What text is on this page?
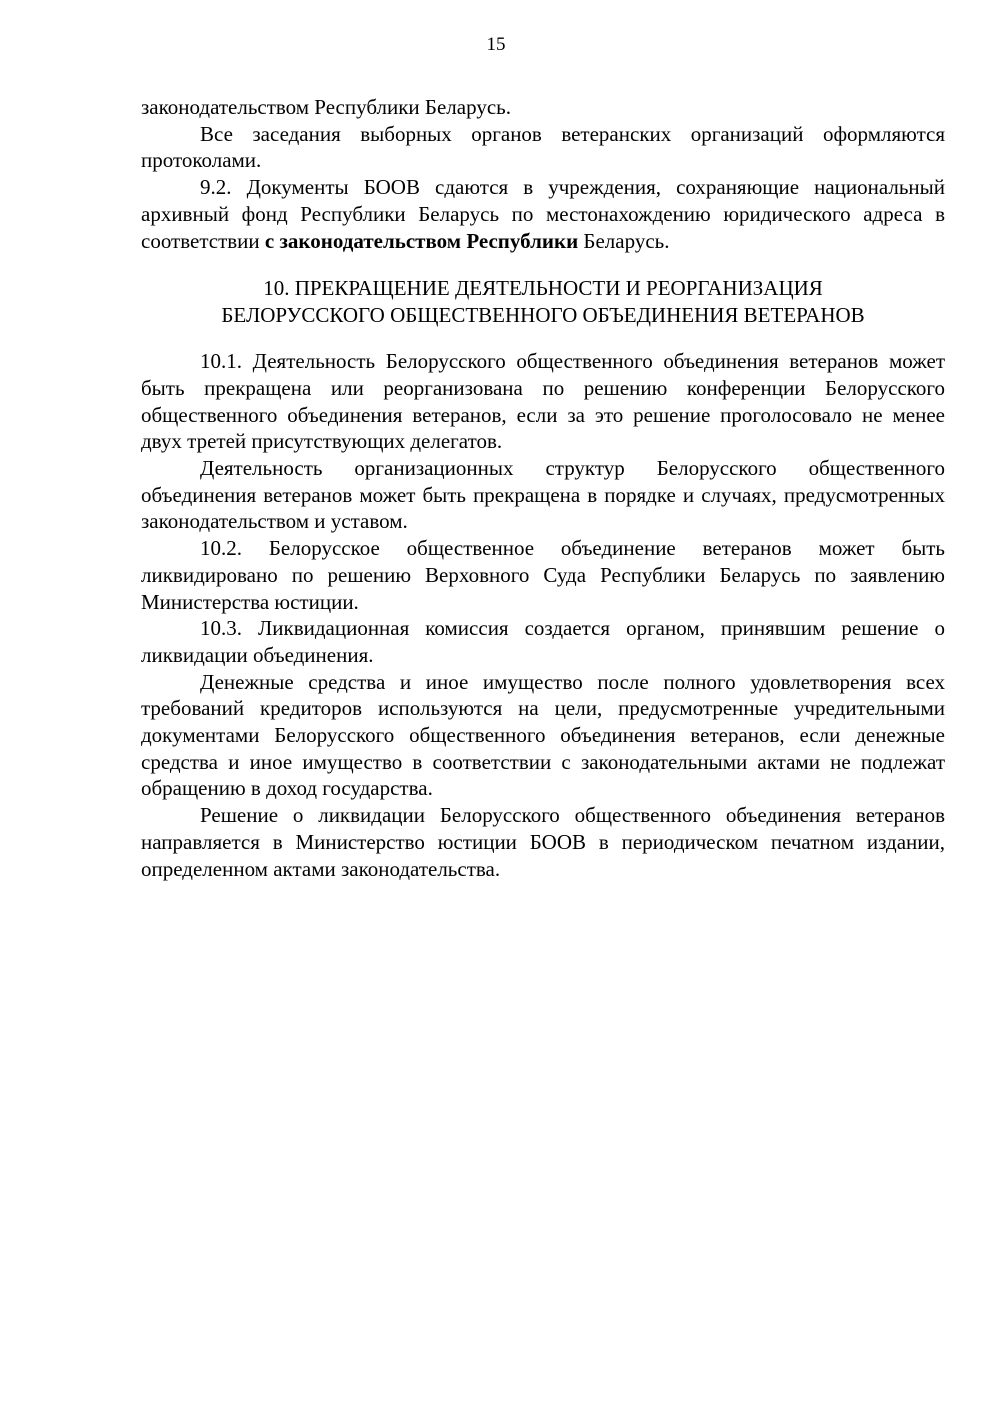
15

законодательством Республики Беларусь.

Все заседания выборных органов ветеранских организаций оформляются протоколами.

9.2. Документы БООВ сдаются в учреждения, сохраняющие национальный архивный фонд Республики Беларусь по местонахождению юридического адреса в соответствии с законодательством Республики Беларусь.

10. ПРЕКРАЩЕНИЕ ДЕЯТЕЛЬНОСТИ И РЕОРГАНИЗАЦИЯ
БЕЛОРУССКОГО ОБЩЕСТВЕННОГО ОБЪЕДИНЕНИЯ ВЕТЕРАНОВ

10.1. Деятельность Белорусского общественного объединения ветеранов может быть прекращена или реорганизована по решению конференции Белорусского общественного объединения ветеранов, если за это решение проголосовало не менее двух третей присутствующих делегатов.

Деятельность организационных структур Белорусского общественного объединения ветеранов может быть прекращена в порядке и случаях, предусмотренных законодательством и уставом.

10.2. Белорусское общественное объединение ветеранов может быть ликвидировано по решению Верховного Суда Республики Беларусь по заявлению Министерства юстиции.

10.3. Ликвидационная комиссия создается органом, принявшим решение о ликвидации объединения.

Денежные средства и иное имущество после полного удовлетворения всех требований кредиторов используются на цели, предусмотренные учредительными документами Белорусского общественного объединения ветеранов, если денежные средства и иное имущество в соответствии с законодательными актами не подлежат обращению в доход государства.

Решение о ликвидации Белорусского общественного объединения ветеранов направляется в Министерство юстиции БООВ в периодическом печатном издании, определенном актами законодательства.
